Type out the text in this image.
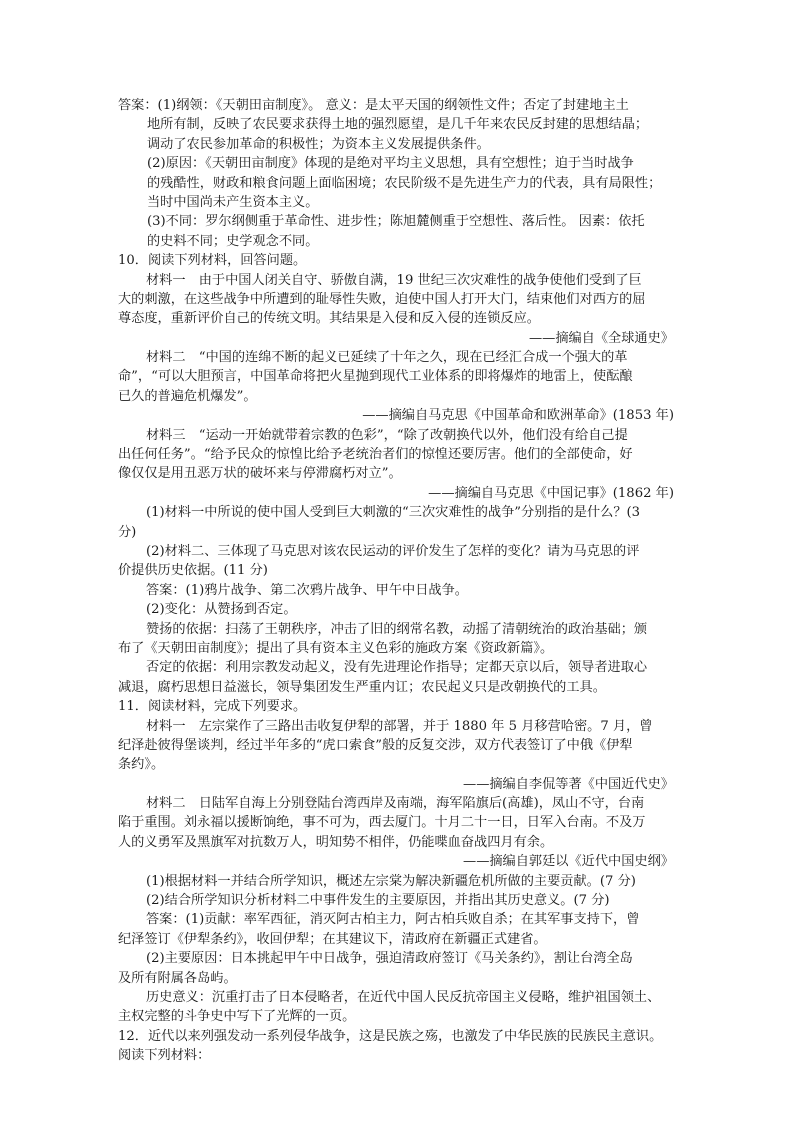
答案：(1)纲领：《天朝田亩制度》。 意义：是太平天国的纲领性文件；否定了封建地主土
地所有制，反映了农民要求获得土地的强烈愿望，是几千年来农民反封建的思想结晶；
调动了农民参加革命的积极性；为资本主义发展提供条件。
(2)原因：《天朝田亩制度》体现的是绝对平均主义思想，具有空想性；迫于当时战争
的残酷性，财政和粮食问题上面临困境；农民阶级不是先进生产力的代表，具有局限性；
当时中国尚未产生资本主义。
(3)不同：罗尔纲侧重于革命性、进步性；陈旭麓侧重于空想性、落后性。 因素：依托
的史料不同；史学观念不同。
10．阅读下列材料，回答问题。
材料一　由于中国人闭关自守、骄傲自满，19 世纪三次灾难性的战争使他们受到了巨
大的刺激，在这些战争中所遭到的耻辱性失败，迫使中国人打开大门，结束他们对西方的屈
尊态度，重新评价自己的传统文明。其结果是入侵和反入侵的连锁反应。
——摘编自《全球通史》
材料二　“中国的连绵不断的起义已延续了十年之久，现在已经汇合成一个强大的革
命”，“可以大胆预言，中国革命将把火星抛到现代工业体系的即将爆炸的地雷上，使酝酿
已久的普遍危机爆发”。
——摘编自马克思《中国革命和欧洲革命》(1853 年)
材料三　“运动一开始就带着宗教的色彩”，“除了改朝换代以外，他们没有给自己提
出任何任务”。“给予民众的惊惶比给予老统治者们的惊惶还要厉害。他们的全部使命，好
像仅仅是用丑恶万状的破坏来与停滞腐朽对立”。
——摘编自马克思《中国记事》(1862 年)
(1)材料一中所说的使中国人受到巨大刺激的“三次灾难性的战争”分别指的是什么？(3
分)
(2)材料二、三体现了马克思对该农民运动的评价发生了怎样的变化？请为马克思的评
价提供历史依据。(11 分)
答案：(1)鸦片战争、第二次鸦片战争、甲午中日战争。
(2)变化：从赞扬到否定。
赞扬的依据：扫荡了王朝秩序，冲击了旧的纲常名教，动摇了清朝统治的政治基础；颁
布了《天朝田亩制度》；提出了具有资本主义色彩的施政方案《资政新篇》。
否定的依据：利用宗教发动起义，没有先进理论作指导；定都天京以后，领导者进取心
减退，腐朽思想日益滋长，领导集团发生严重内讧；农民起义只是改朝换代的工具。
11．阅读材料，完成下列要求。
材料一　左宗棠作了三路出击收复伊犁的部署，并于 1880 年 5 月移营哈密。7 月，曾
纪泽赴彼得堡谈判，经过半年多的“虎口索食”般的反复交涉，双方代表签订了中俄《伊犁
条约》。
——摘编自李侃等著《中国近代史》
材料二　日陆军自海上分别登陆台湾西岸及南端，海军陷旗后(高雄)，凤山不守，台南
陷于重围。刘永福以援断饷绝，事不可为，西去厦门。十月二十一日，日军入台南。不及万
人的义勇军及黑旗军对抗数万人，明知势不相伴，仍能喋血奋战四月有余。
——摘编自郭廷以《近代中国史纲》
(1)根据材料一并结合所学知识，概述左宗棠为解决新疆危机所做的主要贡献。(7 分)
(2)结合所学知识分析材料二中事件发生的主要原因，并指出其历史意义。(7 分)
答案：(1)贡献：率军西征，消灭阿古柏主力，阿古柏兵败自杀；在其军事支持下，曾
纪泽签订《伊犁条约》，收回伊犁；在其建议下，清政府在新疆正式建省。
(2)主要原因：日本挑起甲午中日战争，强迫清政府签订《马关条约》，割让台湾全岛
及所有附属各岛屿。
历史意义：沉重打击了日本侵略者，在近代中国人民反抗帝国主义侵略，维护祖国领土、
主权完整的斗争史中写下了光辉的一页。
12．近代以来列强发动一系列侵华战争，这是民族之殇，也激发了中华民族的民族民主意识。
阅读下列材料：
